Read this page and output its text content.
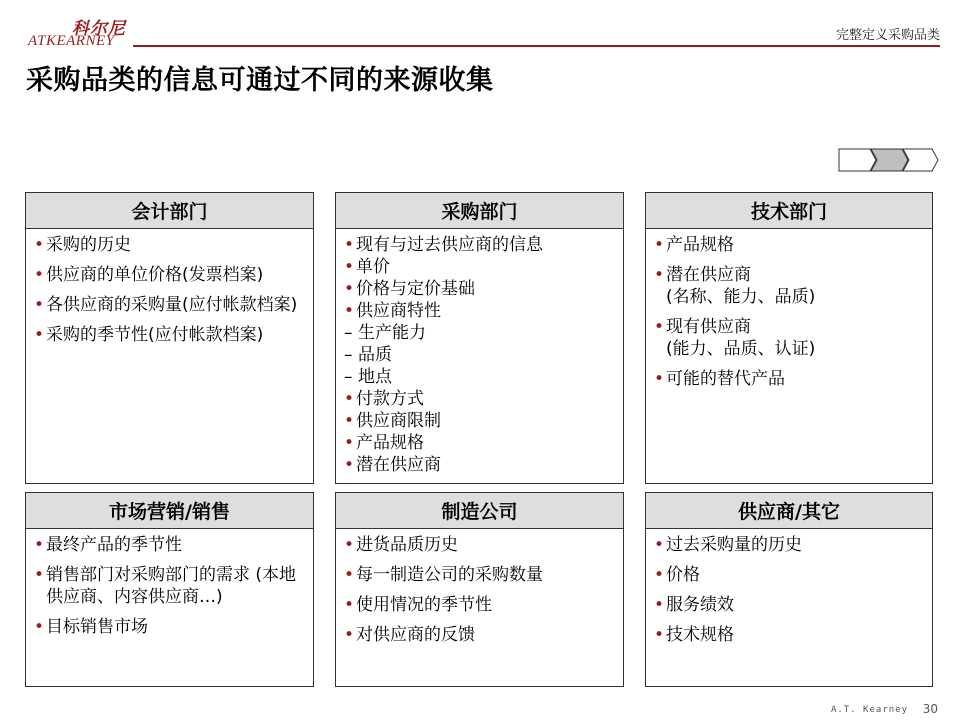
科尔尼
ATKEARNEY	完整定义采购品类
采购品类的信息可通过不同的来源收集
会计部门
• 采购的历史
• 供应商的单位价格(发票档案)
• 各供应商的采购量(应付帐款档案)
• 采购的季节性(应付帐款档案)
采购部门
• 现有与过去供应商的信息
• 单价
• 价格与定价基础
• 供应商特性
– 生产能力
– 品质
– 地点
• 付款方式
• 供应商限制
• 产品规格
• 潜在供应商
技术部门
• 产品规格
• 潜在供应商
(名称、能力、品质)
• 现有供应商
(能力、品质、认证)
• 可能的替代产品
市场营销/销售
• 最终产品的季节性
• 销售部门对采购部门的需求 (本地供应商、内容供应商…)
• 目标销售市场
制造公司
• 进货品质历史
• 每一制造公司的采购数量
• 使用情况的季节性
• 对供应商的反馈
供应商/其它
• 过去采购量的历史
• 价格
• 服务绩效
• 技术规格
A.T. Kearney 30
